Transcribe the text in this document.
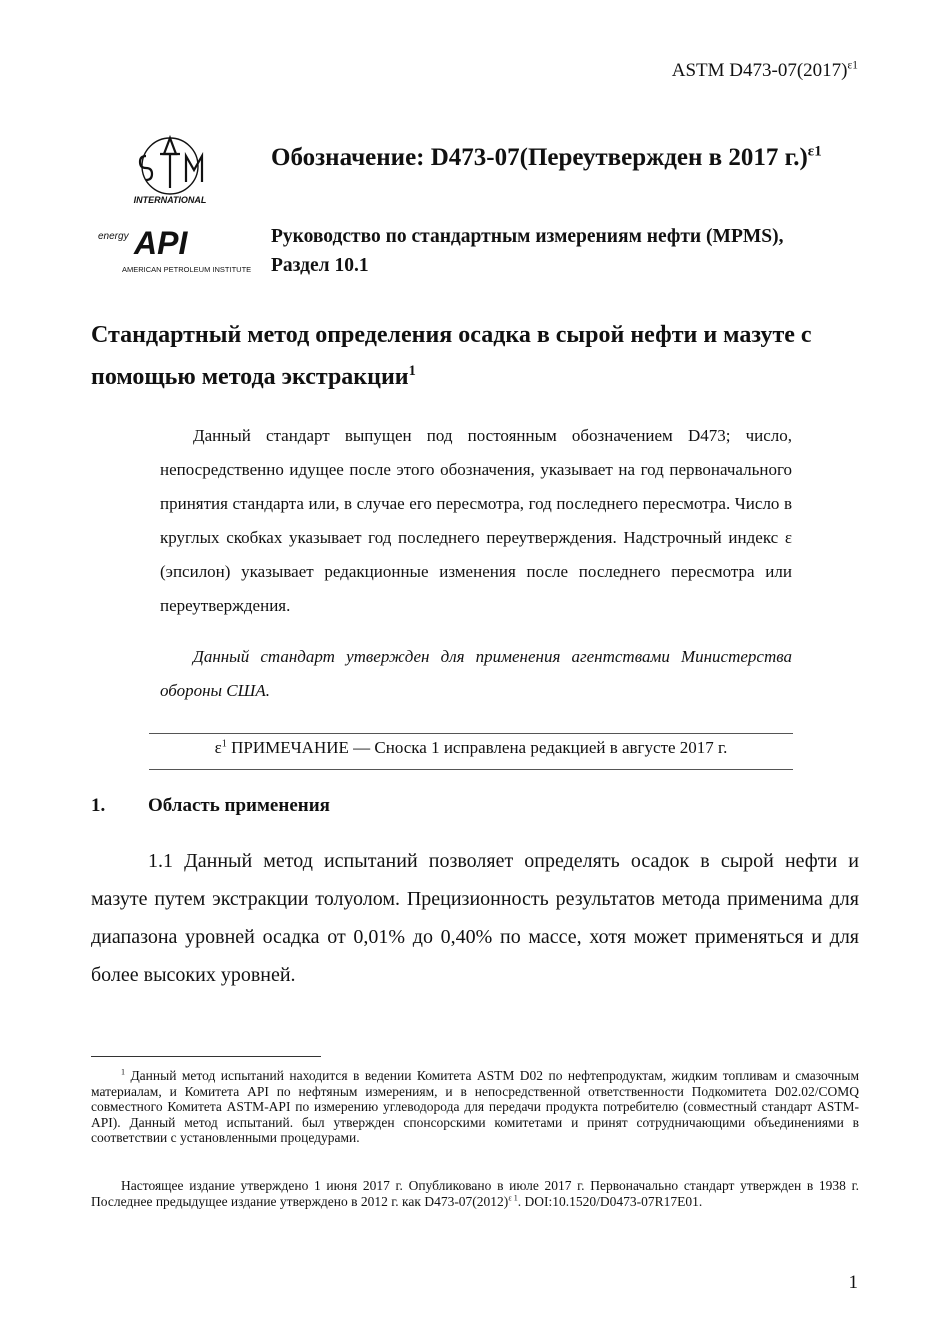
ASTM $D473-07(2017)^{\varepsilon 1}$
INTERNATIONAL
energy API
AMERICAN PETROLEUM INSTITUTE
Обозначение: D473-07(Переутвержден в 2017 г.)$^{\varepsilon 1}$
Руководство по стандартным измерениям нефти (MPMS),
Раздел 10.1
Стандартный метод определения осадка в сырой нефти и мазуте с помощью метода экстракции$^1$

Данный стандарт выпущен под постоянным обозначением D473; число, непосредственно идущее после этого обозначения, указывает на год первоначального принятия стандарта или, в случае его пересмотра, год последнего пересмотра. Число в круглых скобках указывает год последнего переутверждения. Надстрочный индекс ε (эпсилон) указывает редакционные изменения после последнего пересмотра или переутверждения.

Данный стандарт утвержден для применения агентствами Министерства обороны США.

$\varepsilon^1$ ПРИМЕЧАНИЕ — Сноска 1 исправлена редакцией в августе 2017 г.
1. Область применения

1.1 Данный метод испытаний позволяет определять осадок в сырой нефти и мазуте путем экстракции толуолом. Прецизионность результатов метода применима для диапазона уровней осадка от 0,01% до 0,40% по массе, хотя может применяться и для более высоких уровней.

$^1$ Данный метод испытаний находится в ведении Комитета ASTM D02 по нефтепродуктам, жидким топливам и смазочным материалам, и Комитета API по нефтяным измерениям, и в непосредственной ответственности Подкомитета D02.02/COMQ совместного Комитета ASTM-API по измерению углеводорода для передачи продукта потребителю (совместный стандарт ASTM-API). Данный метод испытаний. был утвержден спонсорскими комитетами и принят сотрудничающими объединениями в соответствии с установленными процедурами.

Настоящее издание утверждено 1 июня 2017 г. Опубликовано в июле 2017 г. Первоначально стандарт утвержден в 1938 г. Последнее предыдущее издание утверждено в 2012 г. как $D473-07(2012)^{\varepsilon 1}$. DOI:10.1520/D0473-07R17E01.

1
